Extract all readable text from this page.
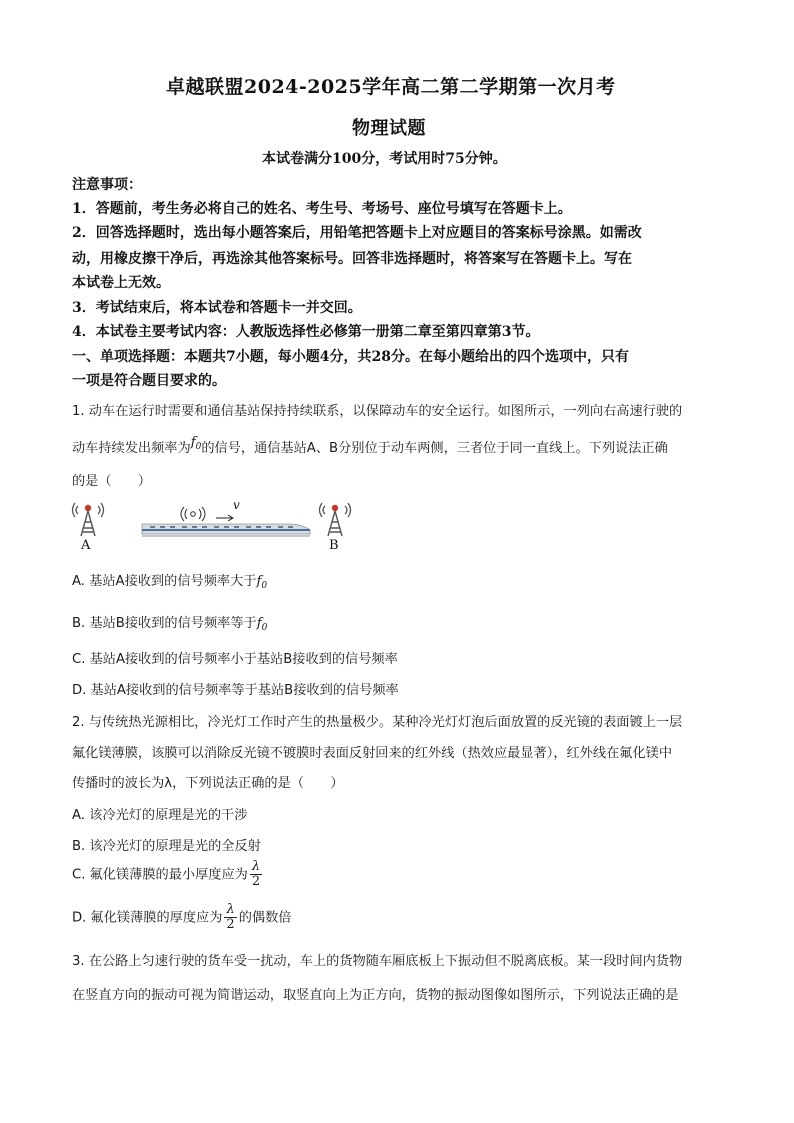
卓越联盟2024-2025学年高二第二学期第一次月考
物理试题
本试卷满分100分，考试用时75分钟。
注意事项：
1．答题前，考生务必将自己的姓名、考生号、考场号、座位号填写在答题卡上。
2．回答选择题时，选出每小题答案后，用铅笔把答题卡上对应题目的答案标号涂黑。如需改
动，用橡皮擦干净后，再选涂其他答案标号。回答非选择题时，将答案写在答题卡上。写在
本试卷上无效。
3．考试结束后，将本试卷和答题卡一并交回。
4．本试卷主要考试内容：人教版选择性必修第一册第二章至第四章第3节。
一、单项选择题：本题共7小题，每小题4分，共28分。在每小题给出的四个选项中，只有
一项是符合题目要求的。
1. 动车在运行时需要和通信基站保持持续联系，以保障动车的安全运行。如图所示，一列向右高速行驶的
动车持续发出频率为$f_0$的信号，通信基站A、B分别位于动车两侧，三者位于同一直线上。下列说法正确
的是（　　）
A
v
B
A. 基站A接收到的信号频率大于$f_0$
B. 基站B接收到的信号频率等于$f_0$
C. 基站A接收到的信号频率小于基站B接收到的信号频率
D. 基站A接收到的信号频率等于基站B接收到的信号频率
2. 与传统热光源相比，冷光灯工作时产生的热量极少。某种冷光灯灯泡后面放置的反光镜的表面镀上一层
氟化镁薄膜，该膜可以消除反光镜不镀膜时表面反射回来的红外线（热效应最显著），红外线在氟化镁中
传播时的波长为λ，下列说法正确的是（　　）
A. 该冷光灯的原理是光的干涉
B. 该冷光灯的原理是光的全反射
C. 氟化镁薄膜的最小厚度应为 $\frac{\lambda}{2}$
D. 氟化镁薄膜的厚度应为 $\frac{\lambda}{2}$ 的偶数倍
3. 在公路上匀速行驶的货车受一扰动，车上的货物随车厢底板上下振动但不脱离底板。某一段时间内货物
在竖直方向的振动可视为简谐运动，取竖直向上为正方向，货物的振动图像如图所示，下列说法正确的是
